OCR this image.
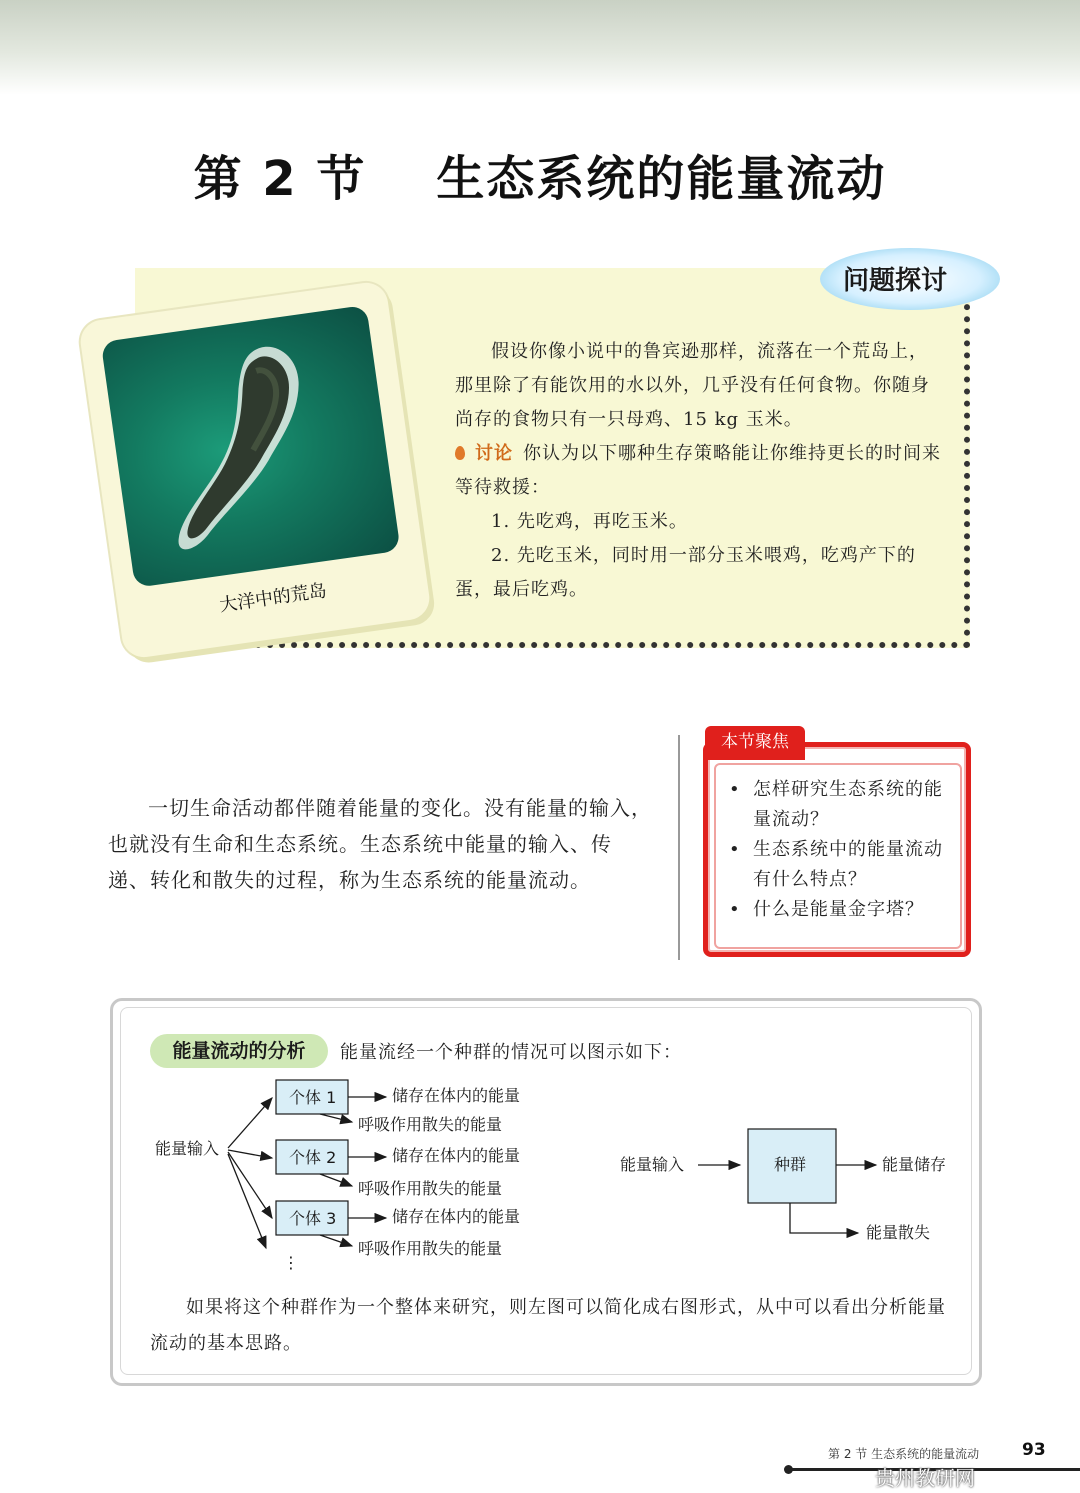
第 2 节 生态系统的能量流动
问题探讨
大洋中的荒岛

假设你像小说中的鲁宾逊那样，流落在一个荒岛上，那里除了有能饮用的水以外，几乎没有任何食物。你随身尚存的食物只有一只母鸡、15 kg 玉米。

讨论 你认为以下哪种生存策略能让你维持更长的时间来等待救援：

1. 先吃鸡，再吃玉米。

2. 先吃玉米，同时用一部分玉米喂鸡，吃鸡产下的蛋，最后吃鸡。

一切生命活动都伴随着能量的变化。没有能量的输入，也就没有生命和生态系统。生态系统中能量的输入、传递、转化和散失的过程，称为生态系统的能量流动。

本节聚焦
• 怎样研究生态系统的能量流动？
• 生态系统中的能量流动有什么特点？
• 什么是能量金字塔？
能量流动的分析	能量流经一个种群的情况可以图示如下：
能量输入
个体 1	储存在体内的能量
呼吸作用散失的能量
个体 2	储存在体内的能量
呼吸作用散失的能量
个体 3	储存在体内的能量
呼吸作用散失的能量
⋮
能量输入	种群	能量储存
能量散失

如果将这个种群作为一个整体来研究，则左图可以简化成右图形式，从中可以看出分析能量流动的基本思路。

第 2 节 生态系统的能量流动	93
贵州教研网
